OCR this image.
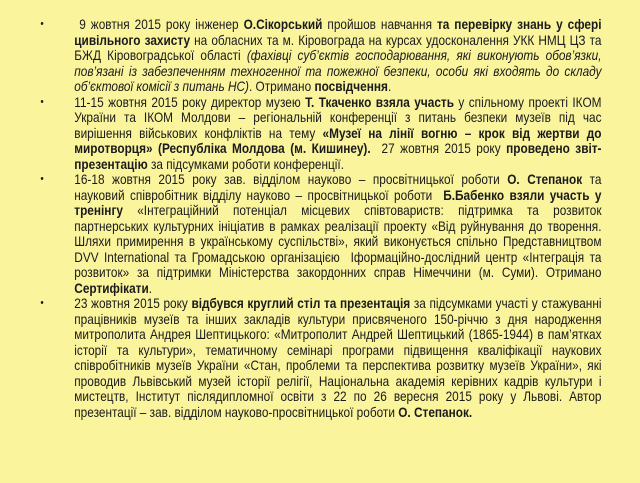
• 9 жовтня 2015 року інженер О.Сікорський пройшов навчання та перевірку знань у сфері цивільного захисту на обласних та м. Кіровограда на курсах удосконалення УКК НМЦ ЦЗ та БЖД Кіровоградської області (фахівці суб’єктів господарювання, які виконують обов’язки, пов’язані із забезпеченням техногенної та пожежної безпеки, особи які входять до складу об’єктової комісії з питань НС). Отримано посвідчення.
• 11-15 жовтня 2015 року директор музею Т. Ткаченко взяла участь у спільному проекті ІКОМ України та ІКОМ Молдови – регіональній конференції з питань безпеки музеїв під час вирішення військових конфліктів на тему «Музеї на лінії вогню – крок від жертви до миротворця» (Республіка Молдова (м. Кишинеу).  27 жовтня 2015 року проведено звіт-презентацію за підсумками роботи конференції.
• 16-18 жовтня 2015 року зав. відділом науково – просвітницької роботи О. Степанок та науковий співробітник відділу науково – просвітницької роботи  Б.Бабенко взяли участь у тренінгу «Інтеграційний потенціал місцевих співтовариств: підтримка та розвиток партнерських культурних ініціатив в рамках реалізації проекту «Від руйнування до творення. Шляхи примирення в українському суспільстві», який виконується спільно Представництвом DVV International та Громадською організацією  Іформаційно-дослідний центр «Інтеграція та розвиток» за підтримки Міністерства закордонних справ Німеччини (м. Суми). Отримано Сертифікати.
• 23 жовтня 2015 року відбувся круглий стіл та презентація за підсумками участі у стажуванні працівників музеїв та інших закладів культури присвяченого 150-річчю з дня народження митрополита Андрея Шептицького: «Митрополит Андрей Шептицький (1865-1944) в пам’ятках історії та культури», тематичному семінарі програми підвищення кваліфікації наукових співробітників музеїв України «Стан, проблеми та перспектива розвитку музеїв України», які проводив Львівський музей історії релігії, Національна академія керівних кадрів культури і мистецтв, Інститут післядипломної освіти з 22 по 26 вересня 2015 року у Львові. Автор презентації – зав. відділом науково-просвітницької роботи О. Степанок.
